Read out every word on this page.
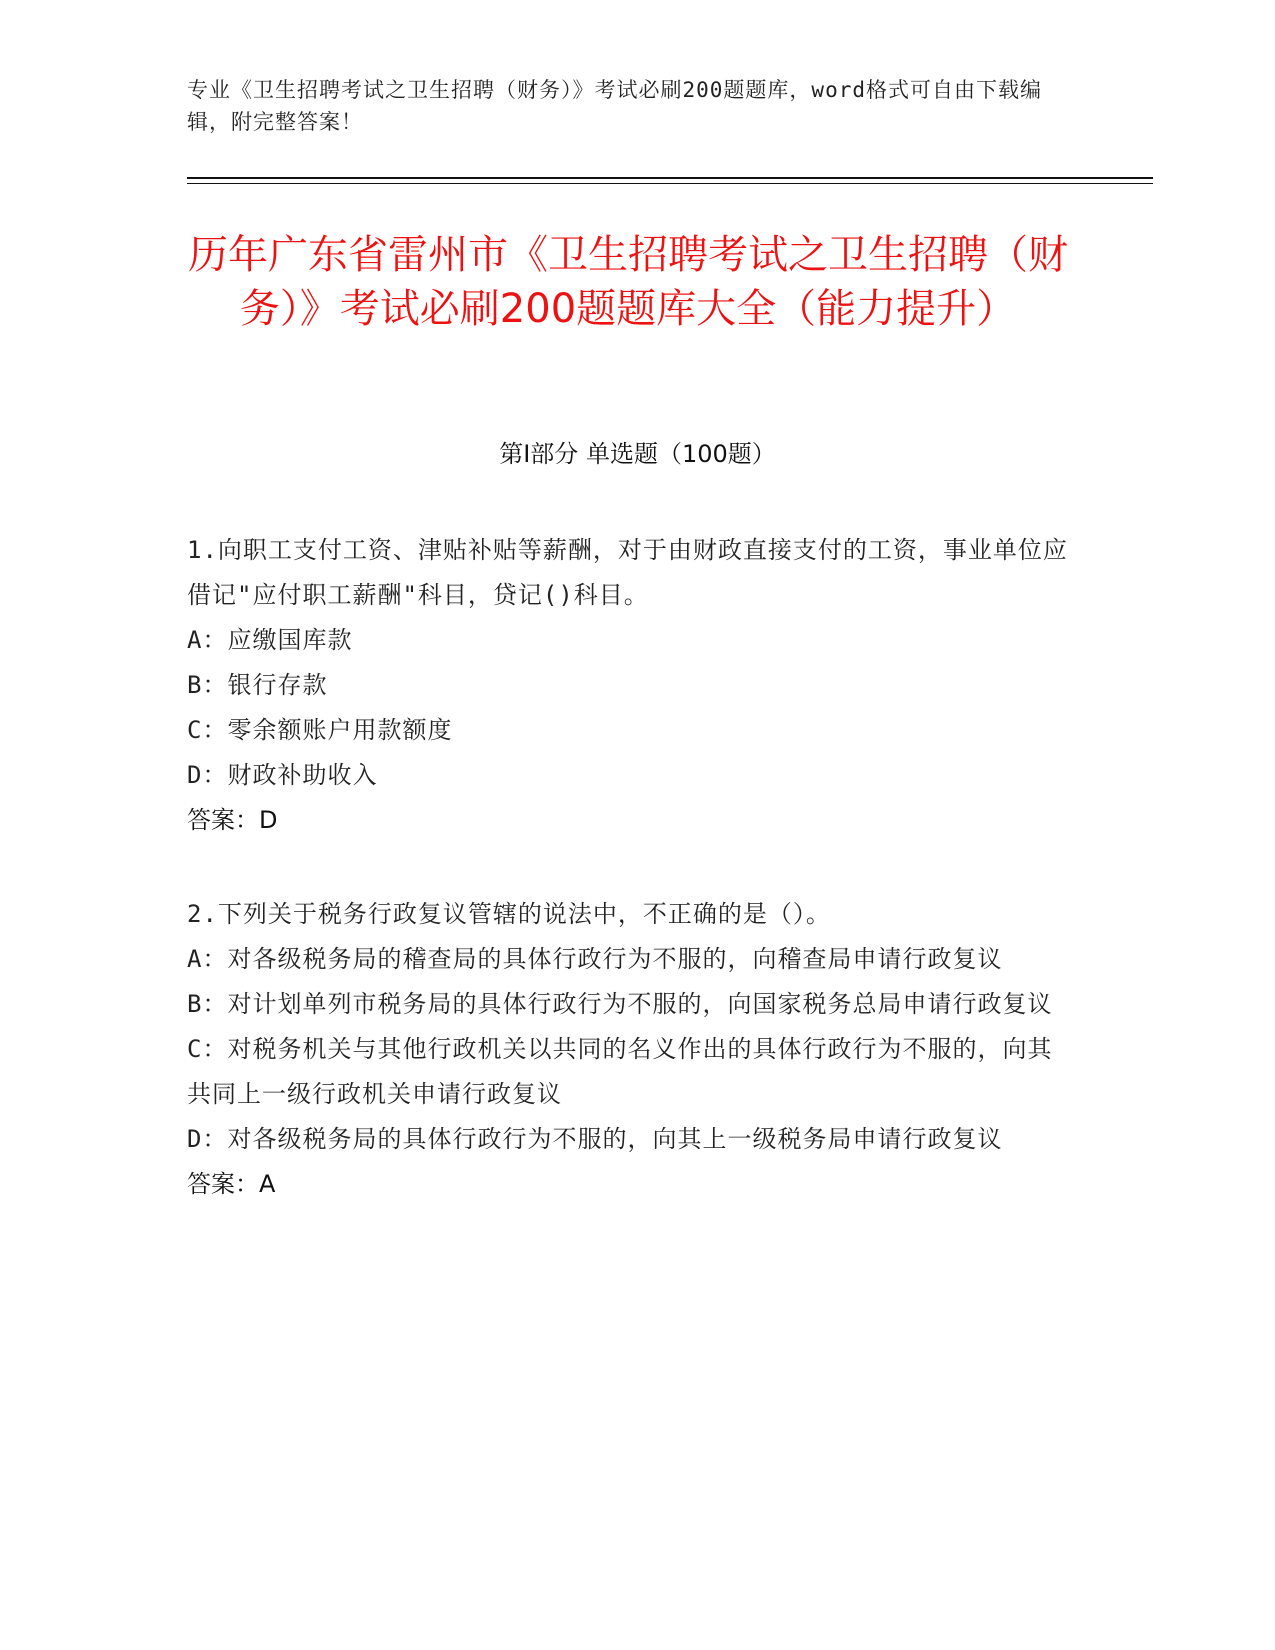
专业《卫生招聘考试之卫生招聘（财务）》考试必刷200题题库，word格式可自由下载编辑，附完整答案！
历年广东省雷州市《卫生招聘考试之卫生招聘（财务）》考试必刷200题题库大全（能力提升）
第Ⅰ部分 单选题（100题）
1.向职工支付工资、津贴补贴等薪酬，对于由财政直接支付的工资，事业单位应借记"应付职工薪酬"科目，贷记()科目。
A：应缴国库款
B：银行存款
C：零余额账户用款额度
D：财政补助收入
答案：D
2.下列关于税务行政复议管辖的说法中，不正确的是（）。
A：对各级税务局的稽查局的具体行政行为不服的，向稽查局申请行政复议
B：对计划单列市税务局的具体行政行为不服的，向国家税务总局申请行政复议
C：对税务机关与其他行政机关以共同的名义作出的具体行政行为不服的，向其共同上一级行政机关申请行政复议
D：对各级税务局的具体行政行为不服的，向其上一级税务局申请行政复议
答案：A
